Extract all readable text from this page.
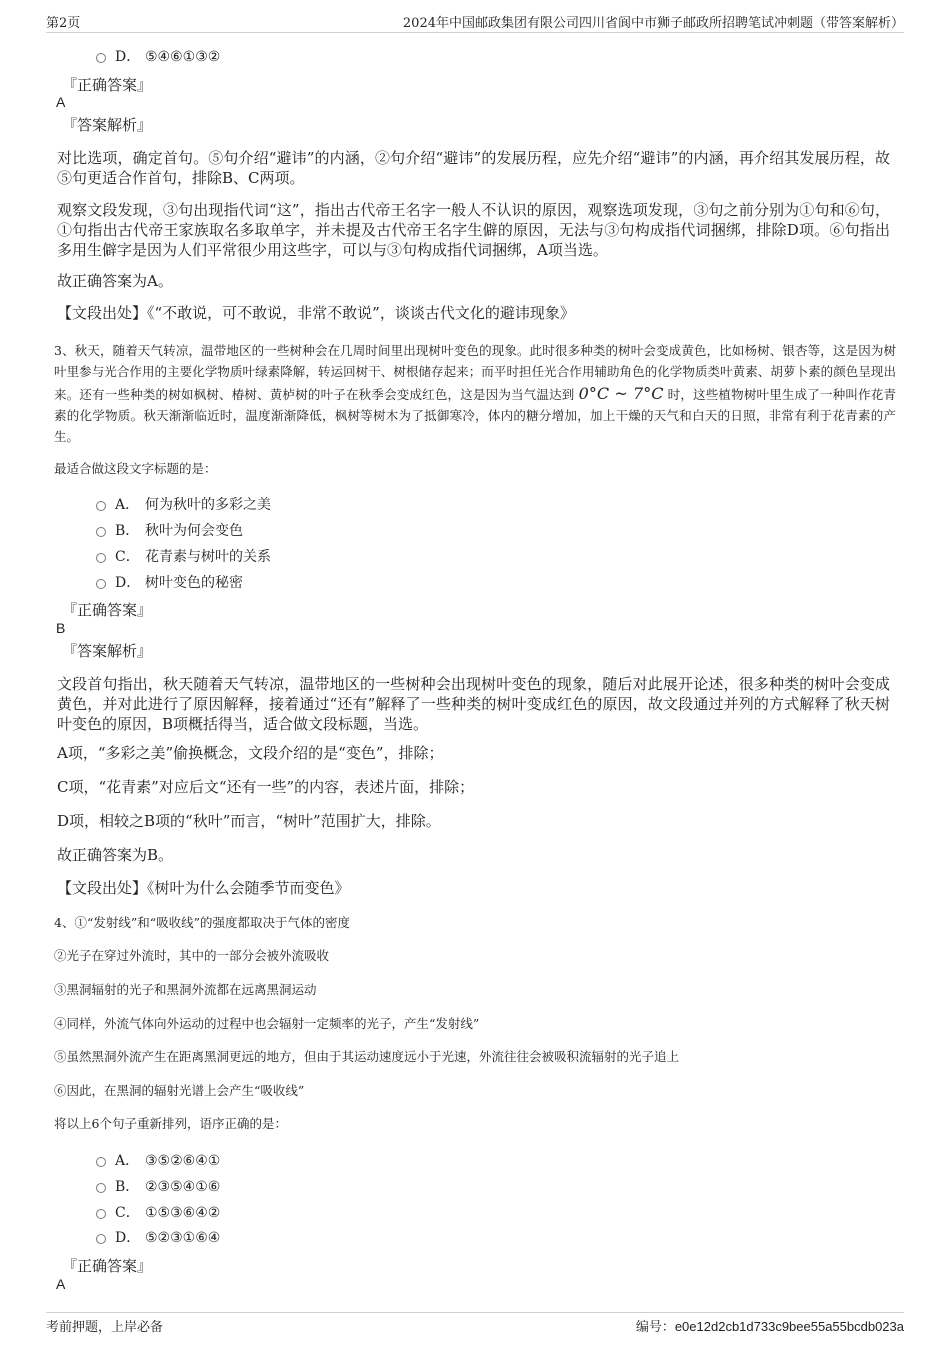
第2页	2024年中国邮政集团有限公司四川省阆中市狮子邮政所招聘笔试冲刺题（带答案解析）
D． ⑤④⑥①③②
『正确答案』
A
『答案解析』
对比选项，确定首句。⑤句介绍“避讳”的内涵，②句介绍“避讳”的发展历程，应先介绍“避讳”的内涵，再介绍其发展历程，故⑤句更适合作首句，排除B、C两项。
观察文段发现，③句出现指代词“这”，指出古代帝王名字一般人不认识的原因，观察选项发现，③句之前分别为①句和⑥句，①句指出古代帝王家族取名多取单字，并未提及古代帝王名字生僻的原因，无法与③句构成指代词捆绑，排除D项。⑥句指出多用生僻字是因为人们平常很少用这些字，可以与③句构成指代词捆绑，A项当选。
故正确答案为A。
【文段出处】《“不敢说，可不敢说，非常不敢说”，谈谈古代文化的避讳现象》
3、秋天，随着天气转凉，温带地区的一些树种会在几周时间里出现树叶变色的现象。此时很多种类的树叶会变成黄色，比如杨树、银杏等，这是因为树叶里参与光合作用的主要化学物质叶绿素降解，转运回树干、树根储存起来；而平时担任光合作用辅助角色的化学物质类叶黄素、胡萝卜素的颜色呈现出来。还有一些种类的树如枫树、椿树、黄栌树的叶子在秋季会变成红色，这是因为当气温达到 0°C ~ 7°C 时，这些植物树叶里生成了一种叫作花青素的化学物质。秋天渐渐临近时，温度渐渐降低，枫树等树木为了抵御寒冷，体内的糖分增加，加上干燥的天气和白天的日照，非常有利于花青素的产生。
最适合做这段文字标题的是：
A． 何为秋叶的多彩之美
B． 秋叶为何会变色
C． 花青素与树叶的关系
D． 树叶变色的秘密
『正确答案』
B
『答案解析』
文段首句指出，秋天随着天气转凉，温带地区的一些树种会出现树叶变色的现象，随后对此展开论述，很多种类的树叶会变成黄色，并对此进行了原因解释，接着通过“还有”解释了一些种类的树叶变成红色的原因，故文段通过并列的方式解释了秋天树叶变色的原因，B项概括得当，适合做文段标题，当选。
A项，“多彩之美”偷换概念，文段介绍的是“变色”，排除；
C项，“花青素”对应后文“还有一些”的内容，表述片面，排除；
D项，相较之B项的“秋叶”而言，“树叶”范围扩大，排除。
故正确答案为B。
【文段出处】《树叶为什么会随季节而变色》
4、①“发射线”和“吸收线”的强度都取决于气体的密度
②光子在穿过外流时，其中的一部分会被外流吸收
③黑洞辐射的光子和黑洞外流都在远离黑洞运动
④同样，外流气体向外运动的过程中也会辐射一定频率的光子，产生“发射线”
⑤虽然黑洞外流产生在距离黑洞更远的地方，但由于其运动速度远小于光速，外流往往会被吸积流辐射的光子追上
⑥因此，在黑洞的辐射光谱上会产生“吸收线”
将以上6个句子重新排列，语序正确的是：
A． ③⑤②⑥④①
B． ②③⑤④①⑥
C． ①⑤③⑥④②
D． ⑤②③①⑥④
『正确答案』
A
考前押题，上岸必备	编号：e0e12d2cb1d733c9bee55a55bcdb023a
